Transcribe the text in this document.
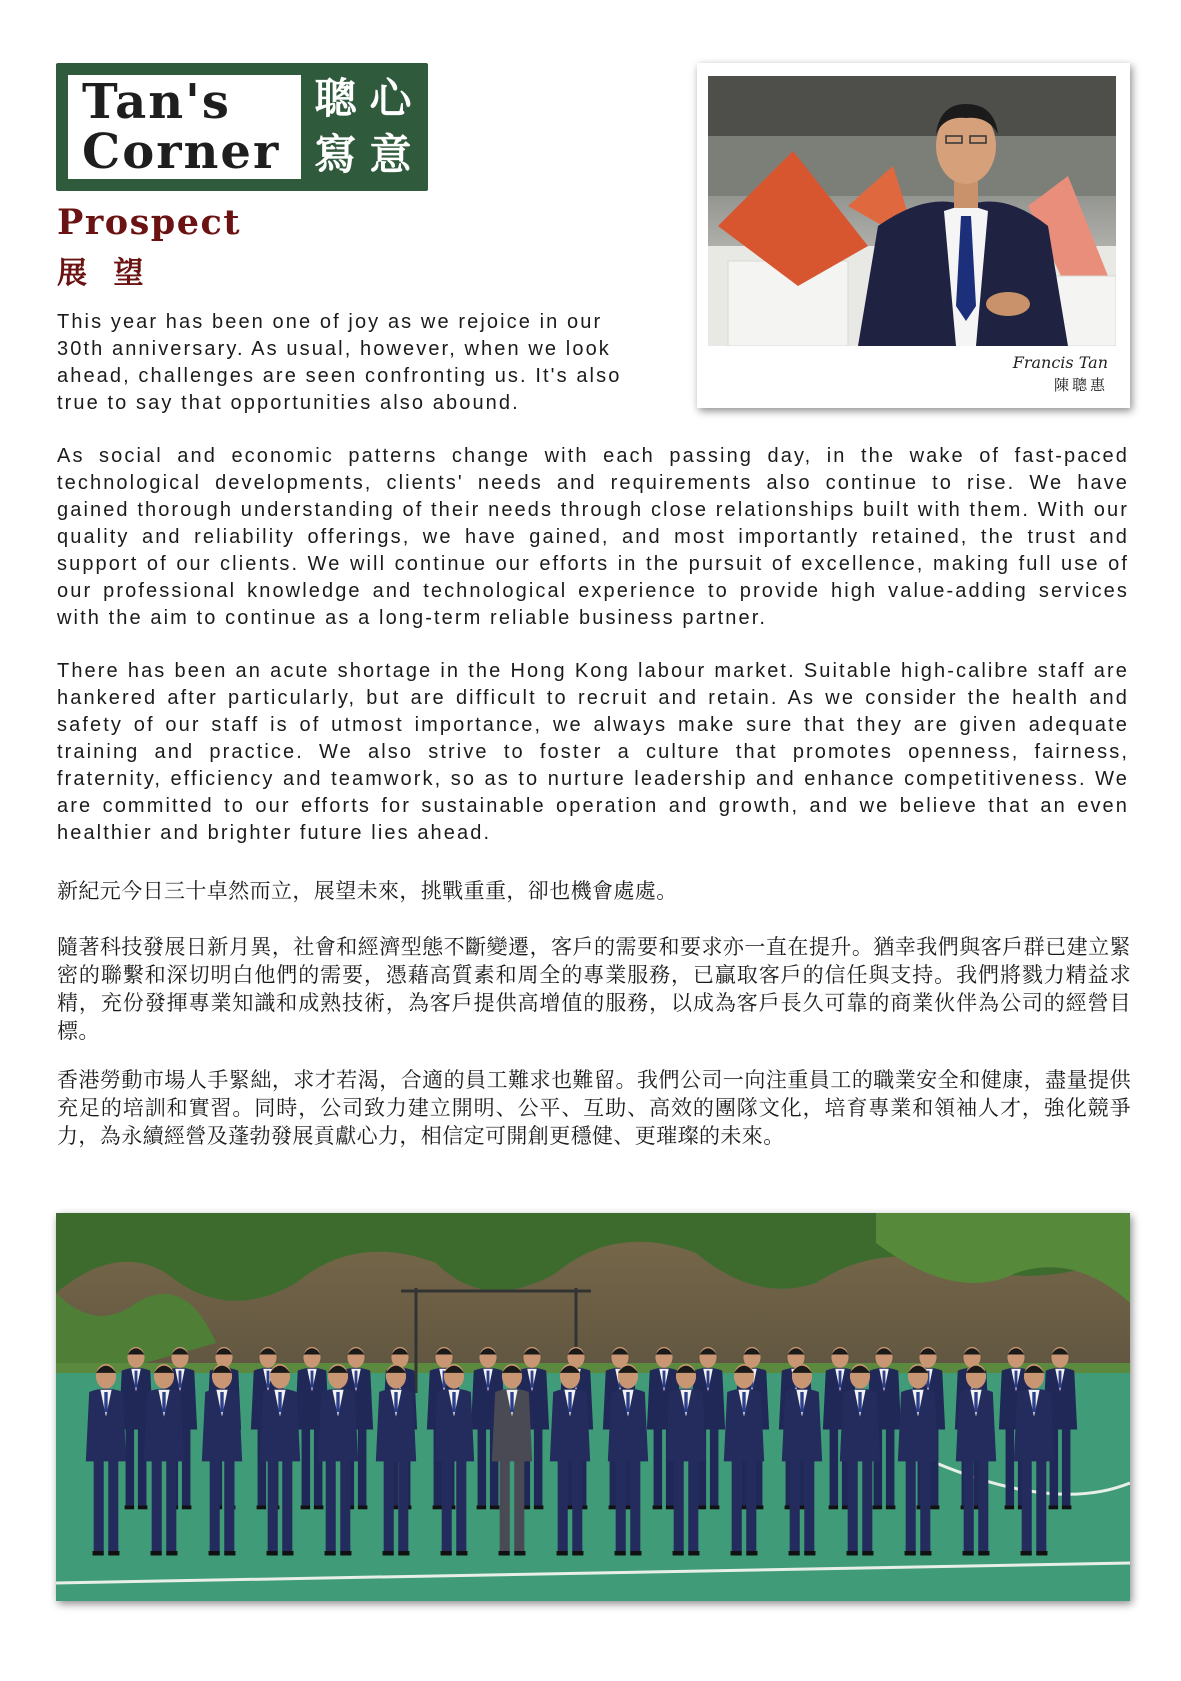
Tan's
Corner
聰 心
寫 意
Prospect
展 望

This year has been one of joy as we rejoice in our 30th anniversary. As usual, however, when we look ahead, challenges are seen confronting us. It's also true to say that opportunities also abound.

Francis Tan
陳聰惠

As social and economic patterns change with each passing day, in the wake of fast-paced technological developments, clients' needs and requirements also continue to rise. We have gained thorough understanding of their needs through close relationships built with them. With our quality and reliability offerings, we have gained, and most importantly retained, the trust and support of our clients. We will continue our efforts in the pursuit of excellence, making full use of our professional knowledge and technological experience to provide high value-adding services with the aim to continue as a long-term reliable business partner.

There has been an acute shortage in the Hong Kong labour market. Suitable high-calibre staff are hankered after particularly, but are difficult to recruit and retain. As we consider the health and safety of our staff is of utmost importance, we always make sure that they are given adequate training and practice. We also strive to foster a culture that promotes openness, fairness, fraternity, efficiency and teamwork, so as to nurture leadership and enhance competitiveness. We are committed to our efforts for sustainable operation and growth, and we believe that an even healthier and brighter future lies ahead.

新紀元今日三十卓然而立，展望未來，挑戰重重，卻也機會處處。

隨著科技發展日新月異，社會和經濟型態不斷變遷，客戶的需要和要求亦一直在提升。猶幸我們與客戶群已建立緊密的聯繫和深切明白他們的需要，憑藉高質素和周全的專業服務，已贏取客戶的信任與支持。我們將戮力精益求精，充份發揮專業知識和成熟技術，為客戶提供高增值的服務，以成為客戶長久可靠的商業伙伴為公司的經營目標。

香港勞動市場人手緊絀，求才若渴，合適的員工難求也難留。我們公司一向注重員工的職業安全和健康，盡量提供充足的培訓和實習。同時，公司致力建立開明、公平、互助、高效的團隊文化，培育專業和領袖人才，強化競爭力，為永續經營及蓬勃發展貢獻心力，相信定可開創更穩健、更璀璨的未來。
